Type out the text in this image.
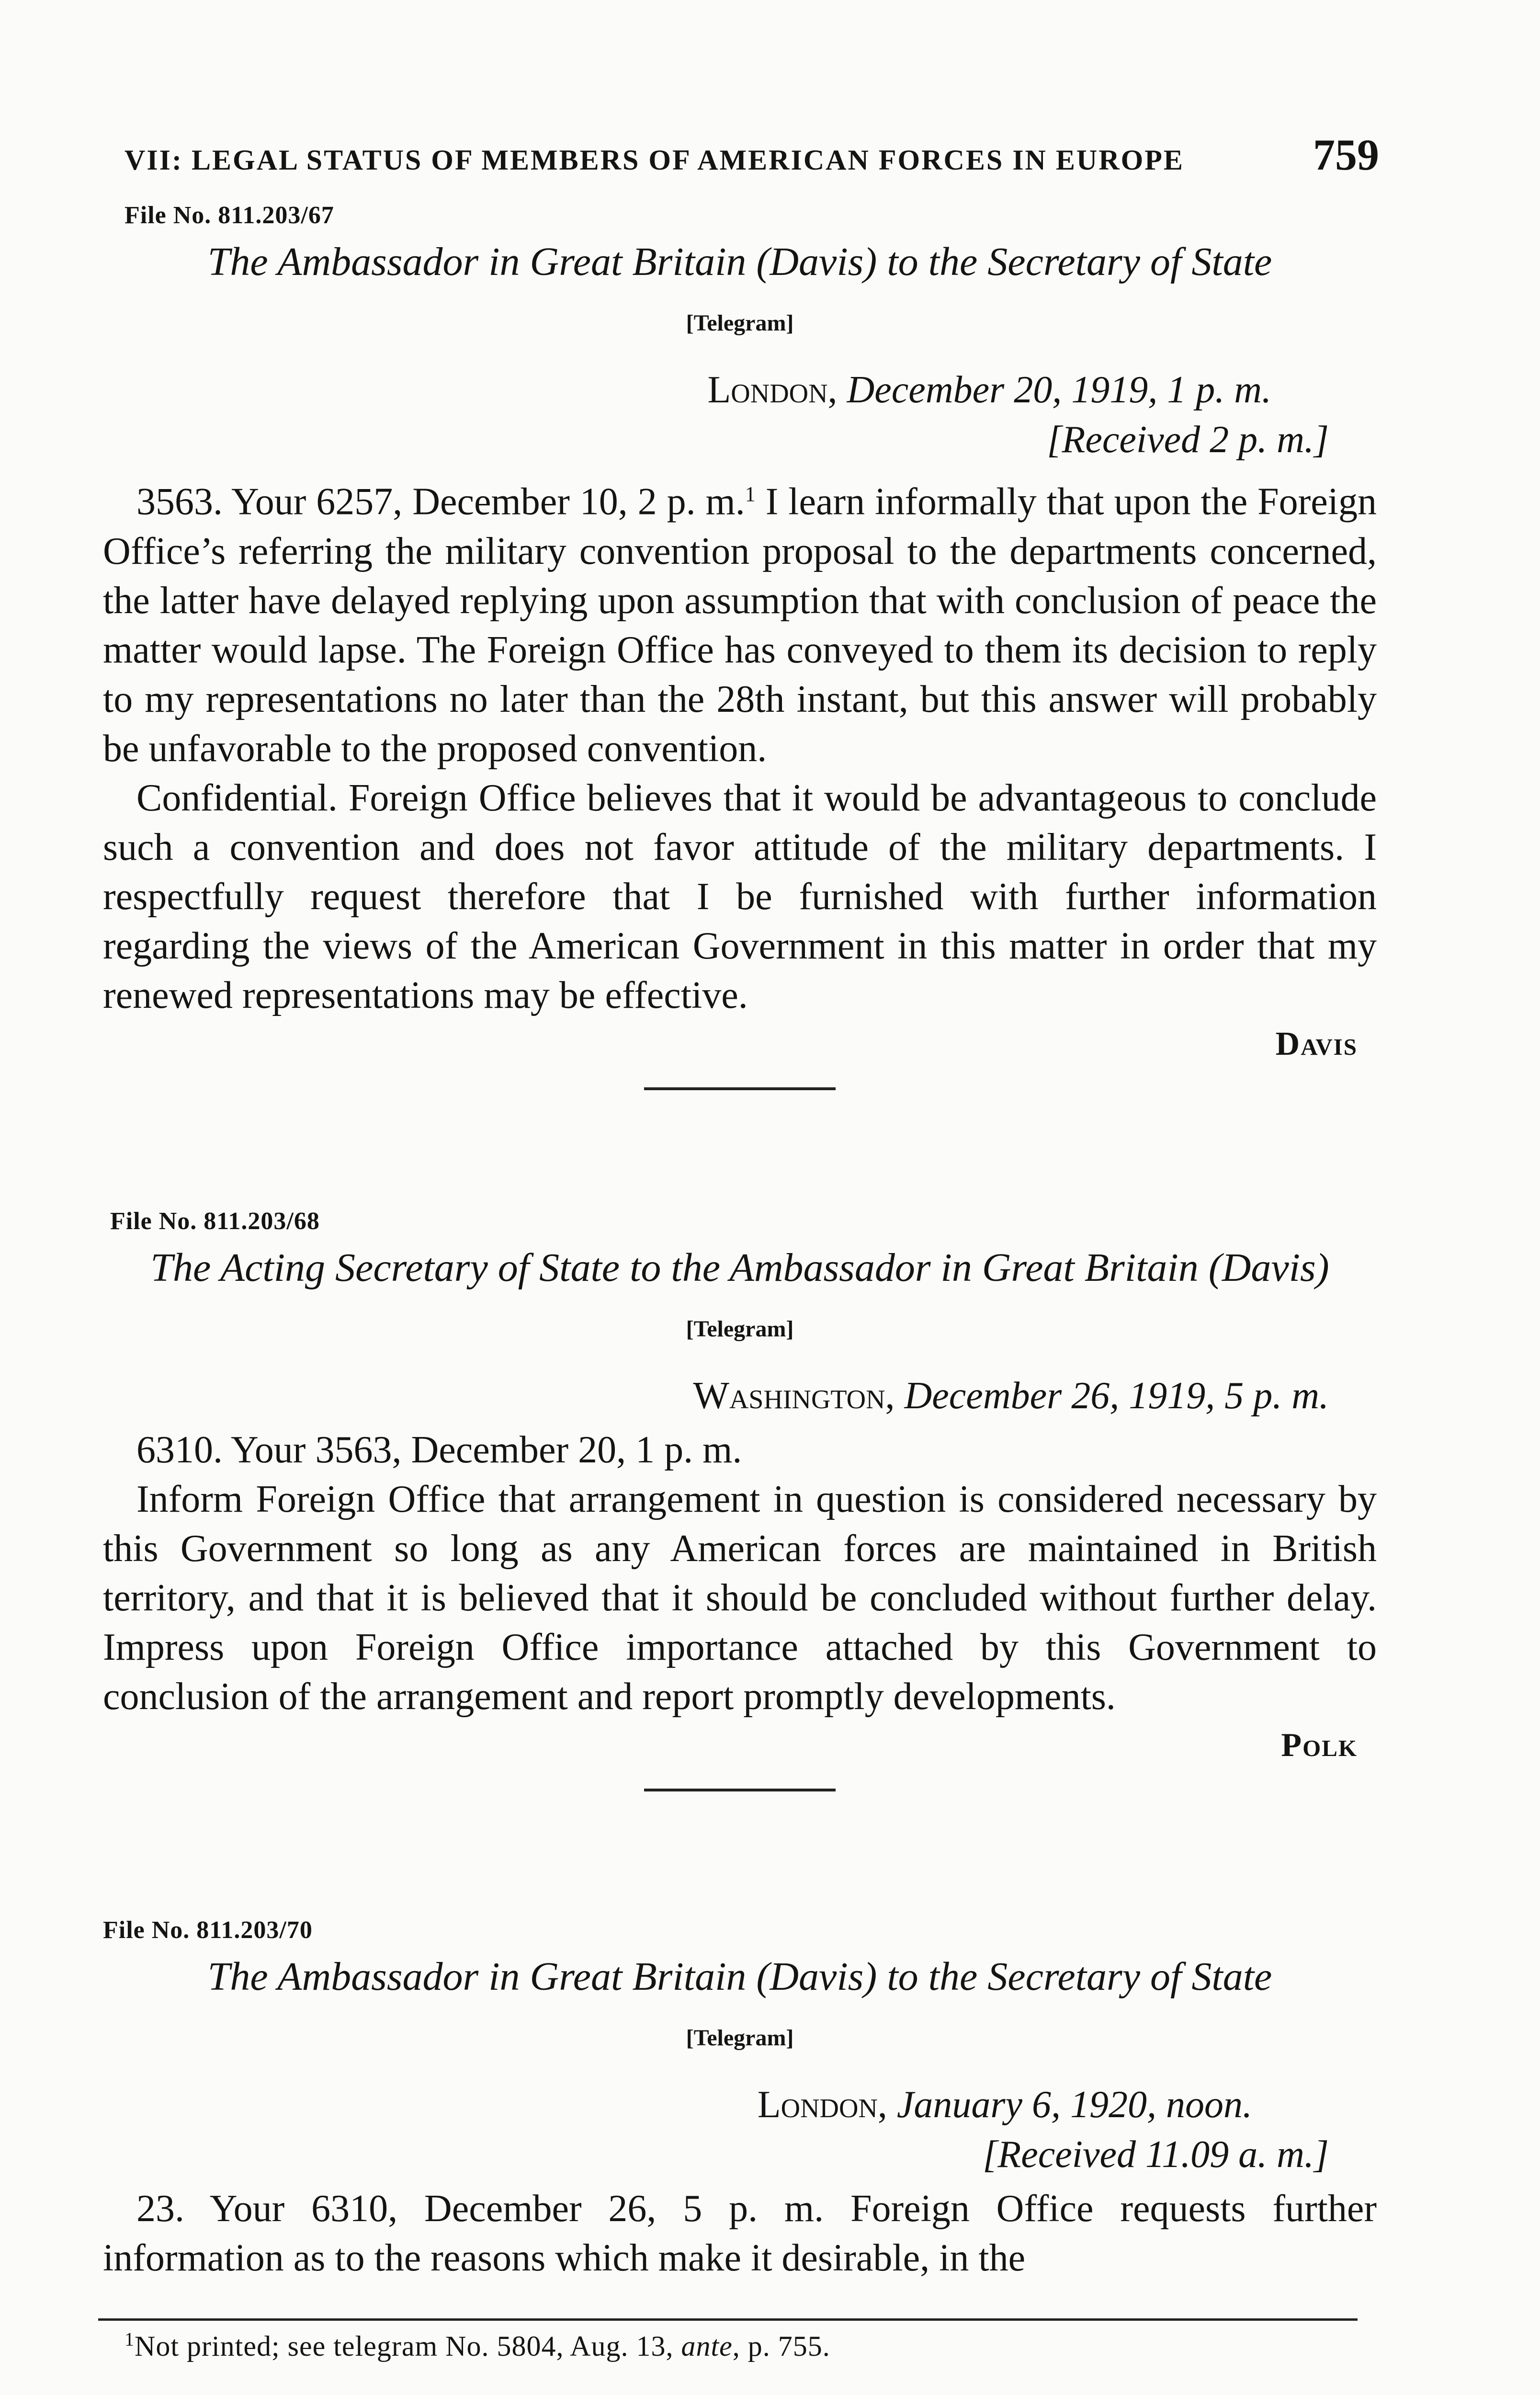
VII: LEGAL STATUS OF MEMBERS OF AMERICAN FORCES IN EUROPE	759
File No. 811.203/67
The Ambassador in Great Britain (Davis) to the Secretary of State
[Telegram]
London, December 20, 1919, 1 p. m.
[Received 2 p. m.]

3563. Your 6257, December 10, 2 p. m.$^1$ I learn informally that upon the Foreign Office’s referring the military convention proposal to the departments concerned, the latter have delayed replying upon assumption that with conclusion of peace the matter would lapse. The Foreign Office has conveyed to them its decision to reply to my representations no later than the 28th instant, but this answer will probably be unfavorable to the proposed convention.

Confidential. Foreign Office believes that it would be advantageous to conclude such a convention and does not favor attitude of the military departments. I respectfully request therefore that I be furnished with further information regarding the views of the American Government in this matter in order that my renewed representations may be effective.

Davis
File No. 811.203/68
The Acting Secretary of State to the Ambassador in Great Britain (Davis)
[Telegram]
Washington, December 26, 1919, 5 p. m.

6310. Your 3563, December 20, 1 p. m.

Inform Foreign Office that arrangement in question is considered necessary by this Government so long as any American forces are maintained in British territory, and that it is believed that it should be concluded without further delay. Impress upon Foreign Office importance attached by this Government to conclusion of the arrangement and report promptly developments.

Polk
File No. 811.203/70
The Ambassador in Great Britain (Davis) to the Secretary of State
[Telegram]
London, January 6, 1920, noon.
[Received 11.09 a. m.]

23. Your 6310, December 26, 5 p. m. Foreign Office requests further information as to the reasons which make it desirable, in the

$^1$Not printed; see telegram No. 5804, Aug. 13, ante, p. 755.
